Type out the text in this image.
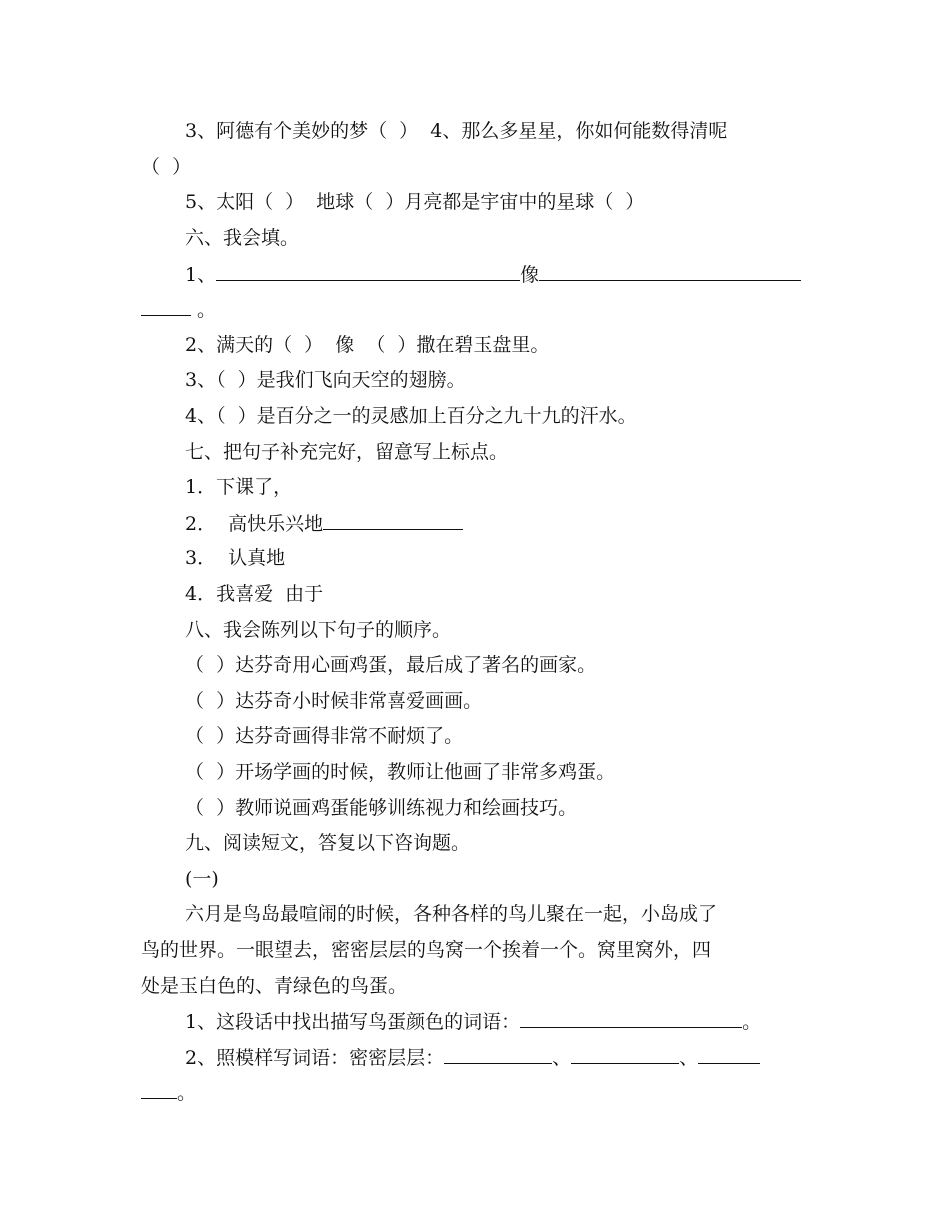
3、阿德有个美妙的梦（  ）  4、那么多星星，你如何能数得清呢
（  ）
5、太阳（  ）  地球（  ）月亮都是宇宙中的星球（  ）
六、我会填。
1、	像
。
2、满天的（  ）  像  （  ）撒在碧玉盘里。
3、（  ）是我们飞向天空的翅膀。
4、（  ）是百分之一的灵感加上百分之九十九的汗水。
七、把句子补充完好，留意写上标点。
1．下课了，
2．  高快乐兴地
3．  认真地
4．我喜爱  由于
八、我会陈列以下句子的顺序。
（  ）达芬奇用心画鸡蛋，最后成了著名的画家。
（  ）达芬奇小时候非常喜爱画画。
（  ）达芬奇画得非常不耐烦了。
（  ）开场学画的时候，教师让他画了非常多鸡蛋。
（  ）教师说画鸡蛋能够训练视力和绘画技巧。
九、阅读短文，答复以下咨询题。
(一)
六月是鸟岛最喧闹的时候，各种各样的鸟儿聚在一起，小岛成了
鸟的世界。一眼望去，密密层层的鸟窝一个挨着一个。窝里窝外，四
处是玉白色的、青绿色的鸟蛋。
1、这段话中找出描写鸟蛋颜色的词语：	。
2、照模样写词语：密密层层：	、	、
。
